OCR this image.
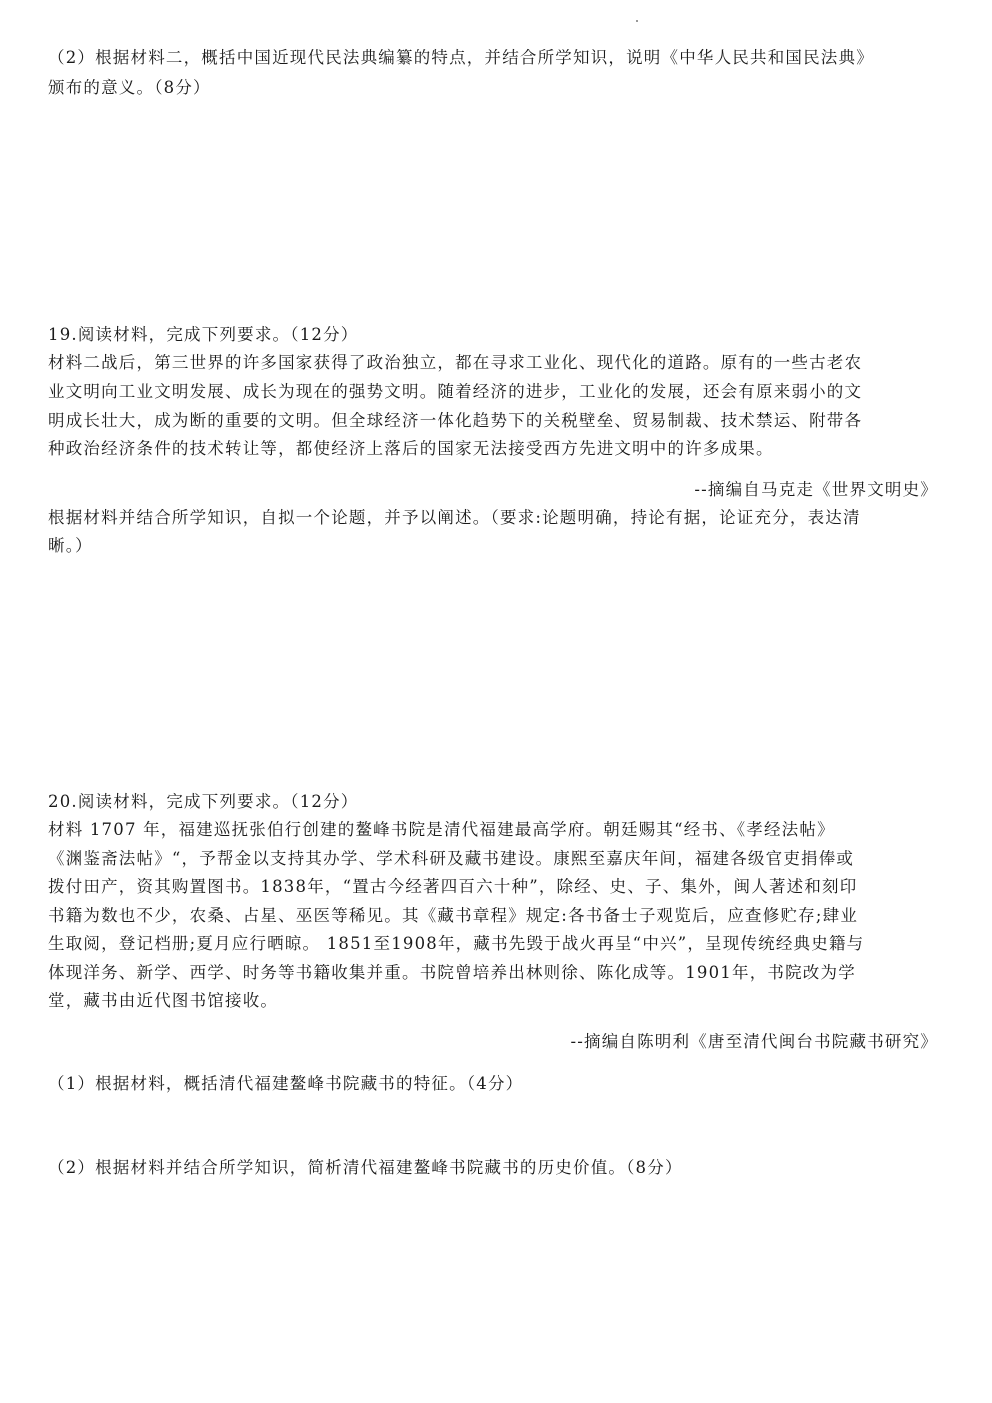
（2）根据材料二，概括中国近现代民法典编纂的特点，并结合所学知识，说明《中华人民共和国民法典》
颁布的意义。（8分）
19.阅读材料，完成下列要求。（12分）
材料二战后，第三世界的许多国家获得了政治独立，都在寻求工业化、现代化的道路。原有的一些古老农
业文明向工业文明发展、成长为现在的强势文明。随着经济的进步，工业化的发展，还会有原来弱小的文
明成长壮大，成为断的重要的文明。但全球经济一体化趋势下的关税壁垒、贸易制裁、技术禁运、附带各
种政治经济条件的技术转让等，都使经济上落后的国家无法接受西方先进文明中的许多成果。
--摘编自马克走《世界文明史》
根据材料并结合所学知识，自拟一个论题，并予以阐述。（要求:论题明确，持论有据，论证充分，表达清
晰。）
20.阅读材料，完成下列要求。（12分）
材料 1707 年，福建巡抚张伯行创建的鳌峰书院是清代福建最高学府。朝廷赐其“经书、《孝经法帖》
《渊鉴斋法帖》“，予帮金以支持其办学、学术科研及藏书建设。康熙至嘉庆年间，福建各级官吏捐俸或
拨付田产，资其购置图书。1838年，“置古今经著四百六十种”，除经、史、子、集外，闽人著述和刻印
书籍为数也不少，农桑、占星、巫医等稀见。其《藏书章程》规定:各书备士子观览后，应查修贮存;肆业
生取阅，登记档册;夏月应行晒晾。 1851至1908年，藏书先毁于战火再呈“中兴”，呈现传统经典史籍与
体现洋务、新学、西学、时务等书籍收集并重。书院曾培养出林则徐、陈化成等。1901年，书院改为学
堂，藏书由近代图书馆接收。
--摘编自陈明利《唐至清代闽台书院藏书研究》
（1）根据材料，概括清代福建鳌峰书院藏书的特征。（4分）
（2）根据材料并结合所学知识，简析清代福建鳌峰书院藏书的历史价值。（8分）
